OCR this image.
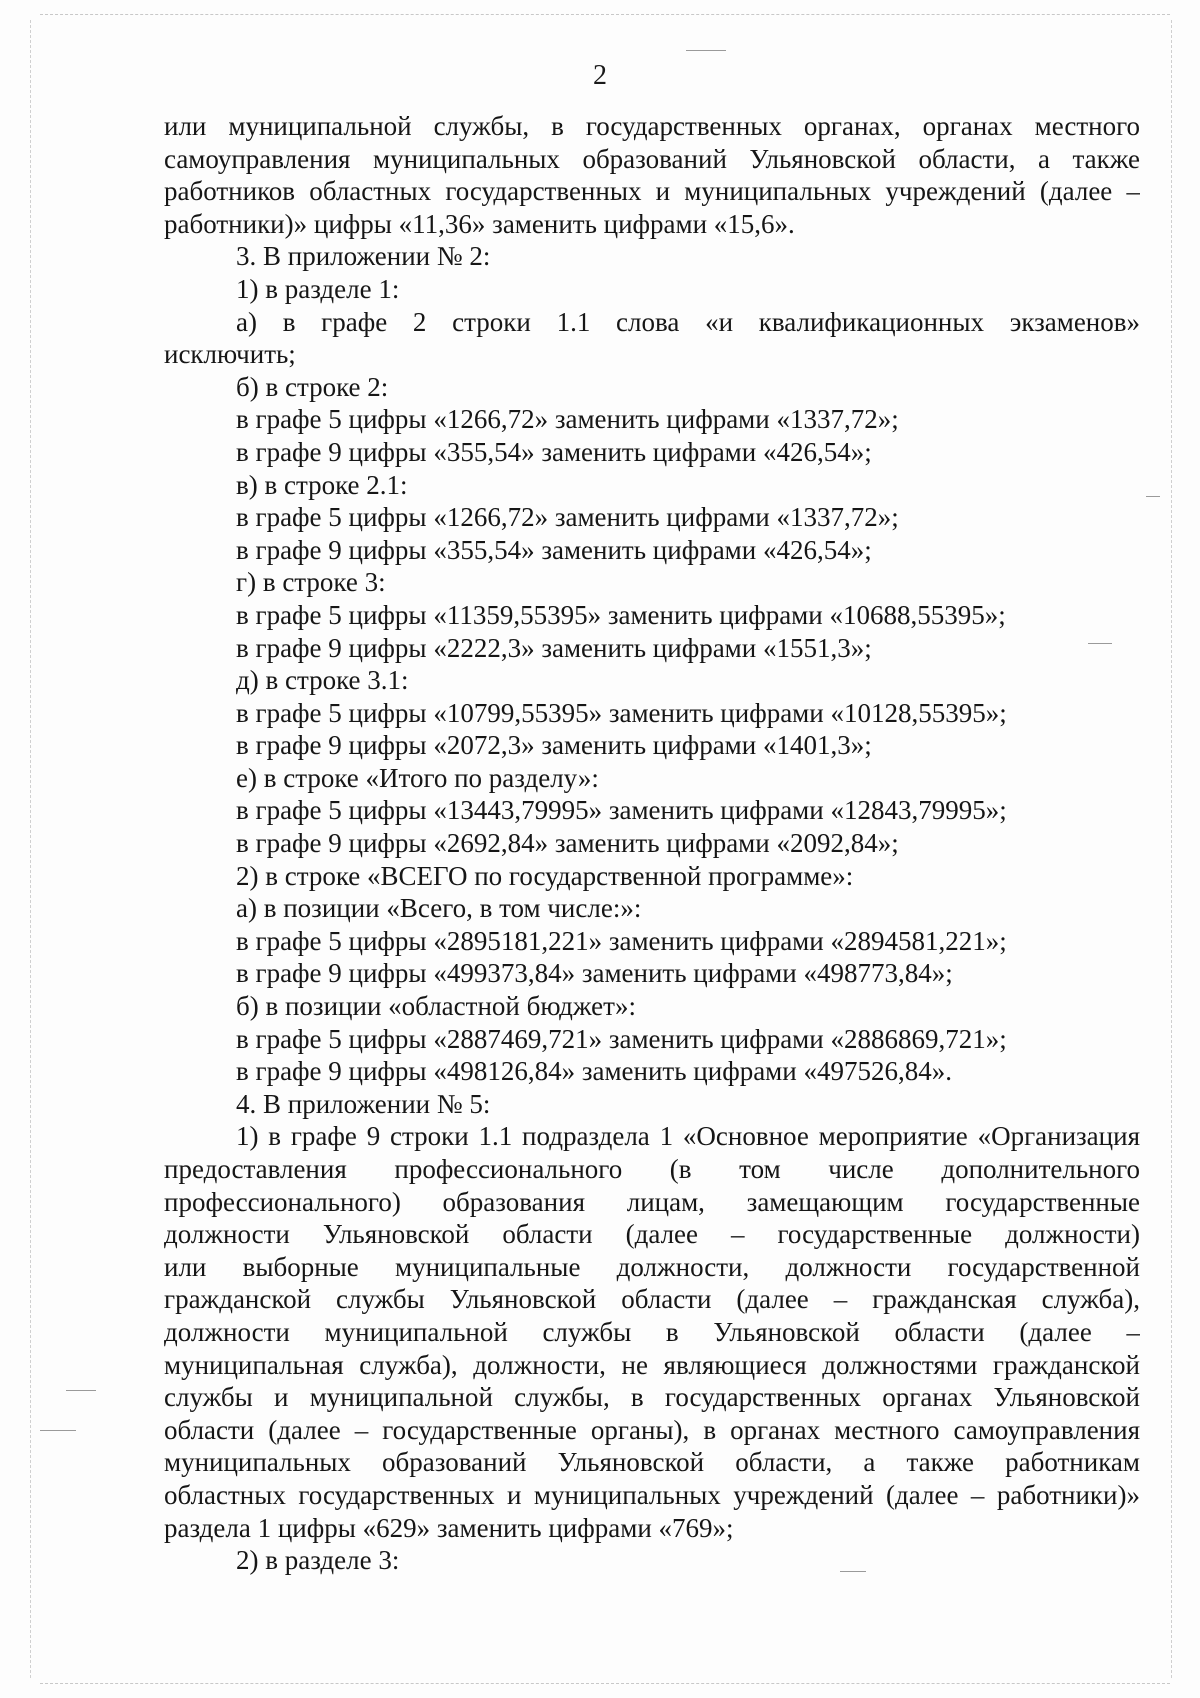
2
или муниципальной службы, в государственных органах, органах местного
самоуправления муниципальных образований Ульяновской области, а также
работников областных государственных и муниципальных учреждений (далее –
работники)» цифры «11,36» заменить цифрами «15,6».
3. В приложении № 2:
1) в разделе 1:
а) в графе 2 строки 1.1 слова «и квалификационных экзаменов»
исключить;
б) в строке 2:
в графе 5 цифры «1266,72» заменить цифрами «1337,72»;
в графе 9 цифры «355,54» заменить цифрами «426,54»;
в) в строке 2.1:
в графе 5 цифры «1266,72» заменить цифрами «1337,72»;
в графе 9 цифры «355,54» заменить цифрами «426,54»;
г) в строке 3:
в графе 5 цифры «11359,55395» заменить цифрами «10688,55395»;
в графе 9 цифры «2222,3» заменить цифрами «1551,3»;
д) в строке 3.1:
в графе 5 цифры «10799,55395» заменить цифрами «10128,55395»;
в графе 9 цифры «2072,3» заменить цифрами «1401,3»;
е) в строке «Итого по разделу»:
в графе 5 цифры «13443,79995» заменить цифрами «12843,79995»;
в графе 9 цифры «2692,84» заменить цифрами «2092,84»;
2) в строке «ВСЕГО по государственной программе»:
а) в позиции «Всего, в том числе:»:
в графе 5 цифры «2895181,221» заменить цифрами «2894581,221»;
в графе 9 цифры «499373,84» заменить цифрами «498773,84»;
б) в позиции «областной бюджет»:
в графе 5 цифры «2887469,721» заменить цифрами «2886869,721»;
в графе 9 цифры «498126,84» заменить цифрами «497526,84».
4. В приложении № 5:
1) в графе 9 строки 1.1 подраздела 1 «Основное мероприятие «Организация
предоставления профессионального (в том числе дополнительного
профессионального) образования лицам, замещающим государственные
должности Ульяновской области (далее – государственные должности)
или выборные муниципальные должности, должности государственной
гражданской службы Ульяновской области (далее – гражданская служба),
должности муниципальной службы в Ульяновской области (далее –
муниципальная служба), должности, не являющиеся должностями гражданской
службы и муниципальной службы, в государственных органах Ульяновской
области (далее – государственные органы), в органах местного самоуправления
муниципальных образований Ульяновской области, а также работникам
областных государственных и муниципальных учреждений (далее – работники)»
раздела 1 цифры «629» заменить цифрами «769»;
2) в разделе 3:
